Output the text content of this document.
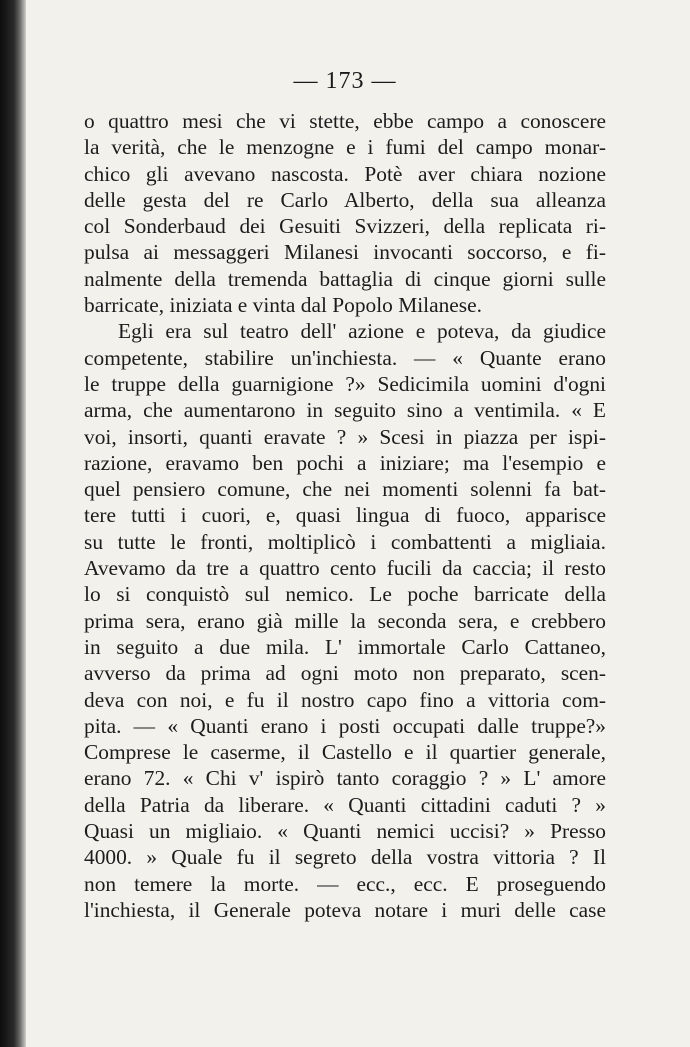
— 173 —
o quattro mesi che vi stette, ebbe campo a conoscere
la verità, che le menzogne e i fumi del campo monar-
chico gli avevano nascosta. Potè aver chiara nozione
delle gesta del re Carlo Alberto, della sua alleanza
col Sonderbaud dei Gesuiti Svizzeri, della replicata ri-
pulsa ai messaggeri Milanesi invocanti soccorso, e fi-
nalmente della tremenda battaglia di cinque giorni sulle
barricate, iniziata e vinta dal Popolo Milanese.
Egli era sul teatro dell' azione e poteva, da giudice
competente, stabilire un'inchiesta. — « Quante erano
le truppe della guarnigione ?» Sedicimila uomini d'ogni
arma, che aumentarono in seguito sino a ventimila. « E
voi, insorti, quanti eravate ? » Scesi in piazza per ispi-
razione, eravamo ben pochi a iniziare; ma l'esempio e
quel pensiero comune, che nei momenti solenni fa bat-
tere tutti i cuori, e, quasi lingua di fuoco, apparisce
su tutte le fronti, moltiplicò i combattenti a migliaia.
Avevamo da tre a quattro cento fucili da caccia; il resto
lo si conquistò sul nemico. Le poche barricate della
prima sera, erano già mille la seconda sera, e crebbero
in seguito a due mila. L' immortale Carlo Cattaneo,
avverso da prima ad ogni moto non preparato, scen-
deva con noi, e fu il nostro capo fino a vittoria com-
pita. — « Quanti erano i posti occupati dalle truppe?»
Comprese le caserme, il Castello e il quartier generale,
erano 72. « Chi v' ispirò tanto coraggio ? » L' amore
della Patria da liberare. « Quanti cittadini caduti ? »
Quasi un migliaio. « Quanti nemici uccisi? » Presso
4000. » Quale fu il segreto della vostra vittoria ? Il
non temere la morte. — ecc., ecc. E proseguendo
l'inchiesta, il Generale poteva notare i muri delle case
